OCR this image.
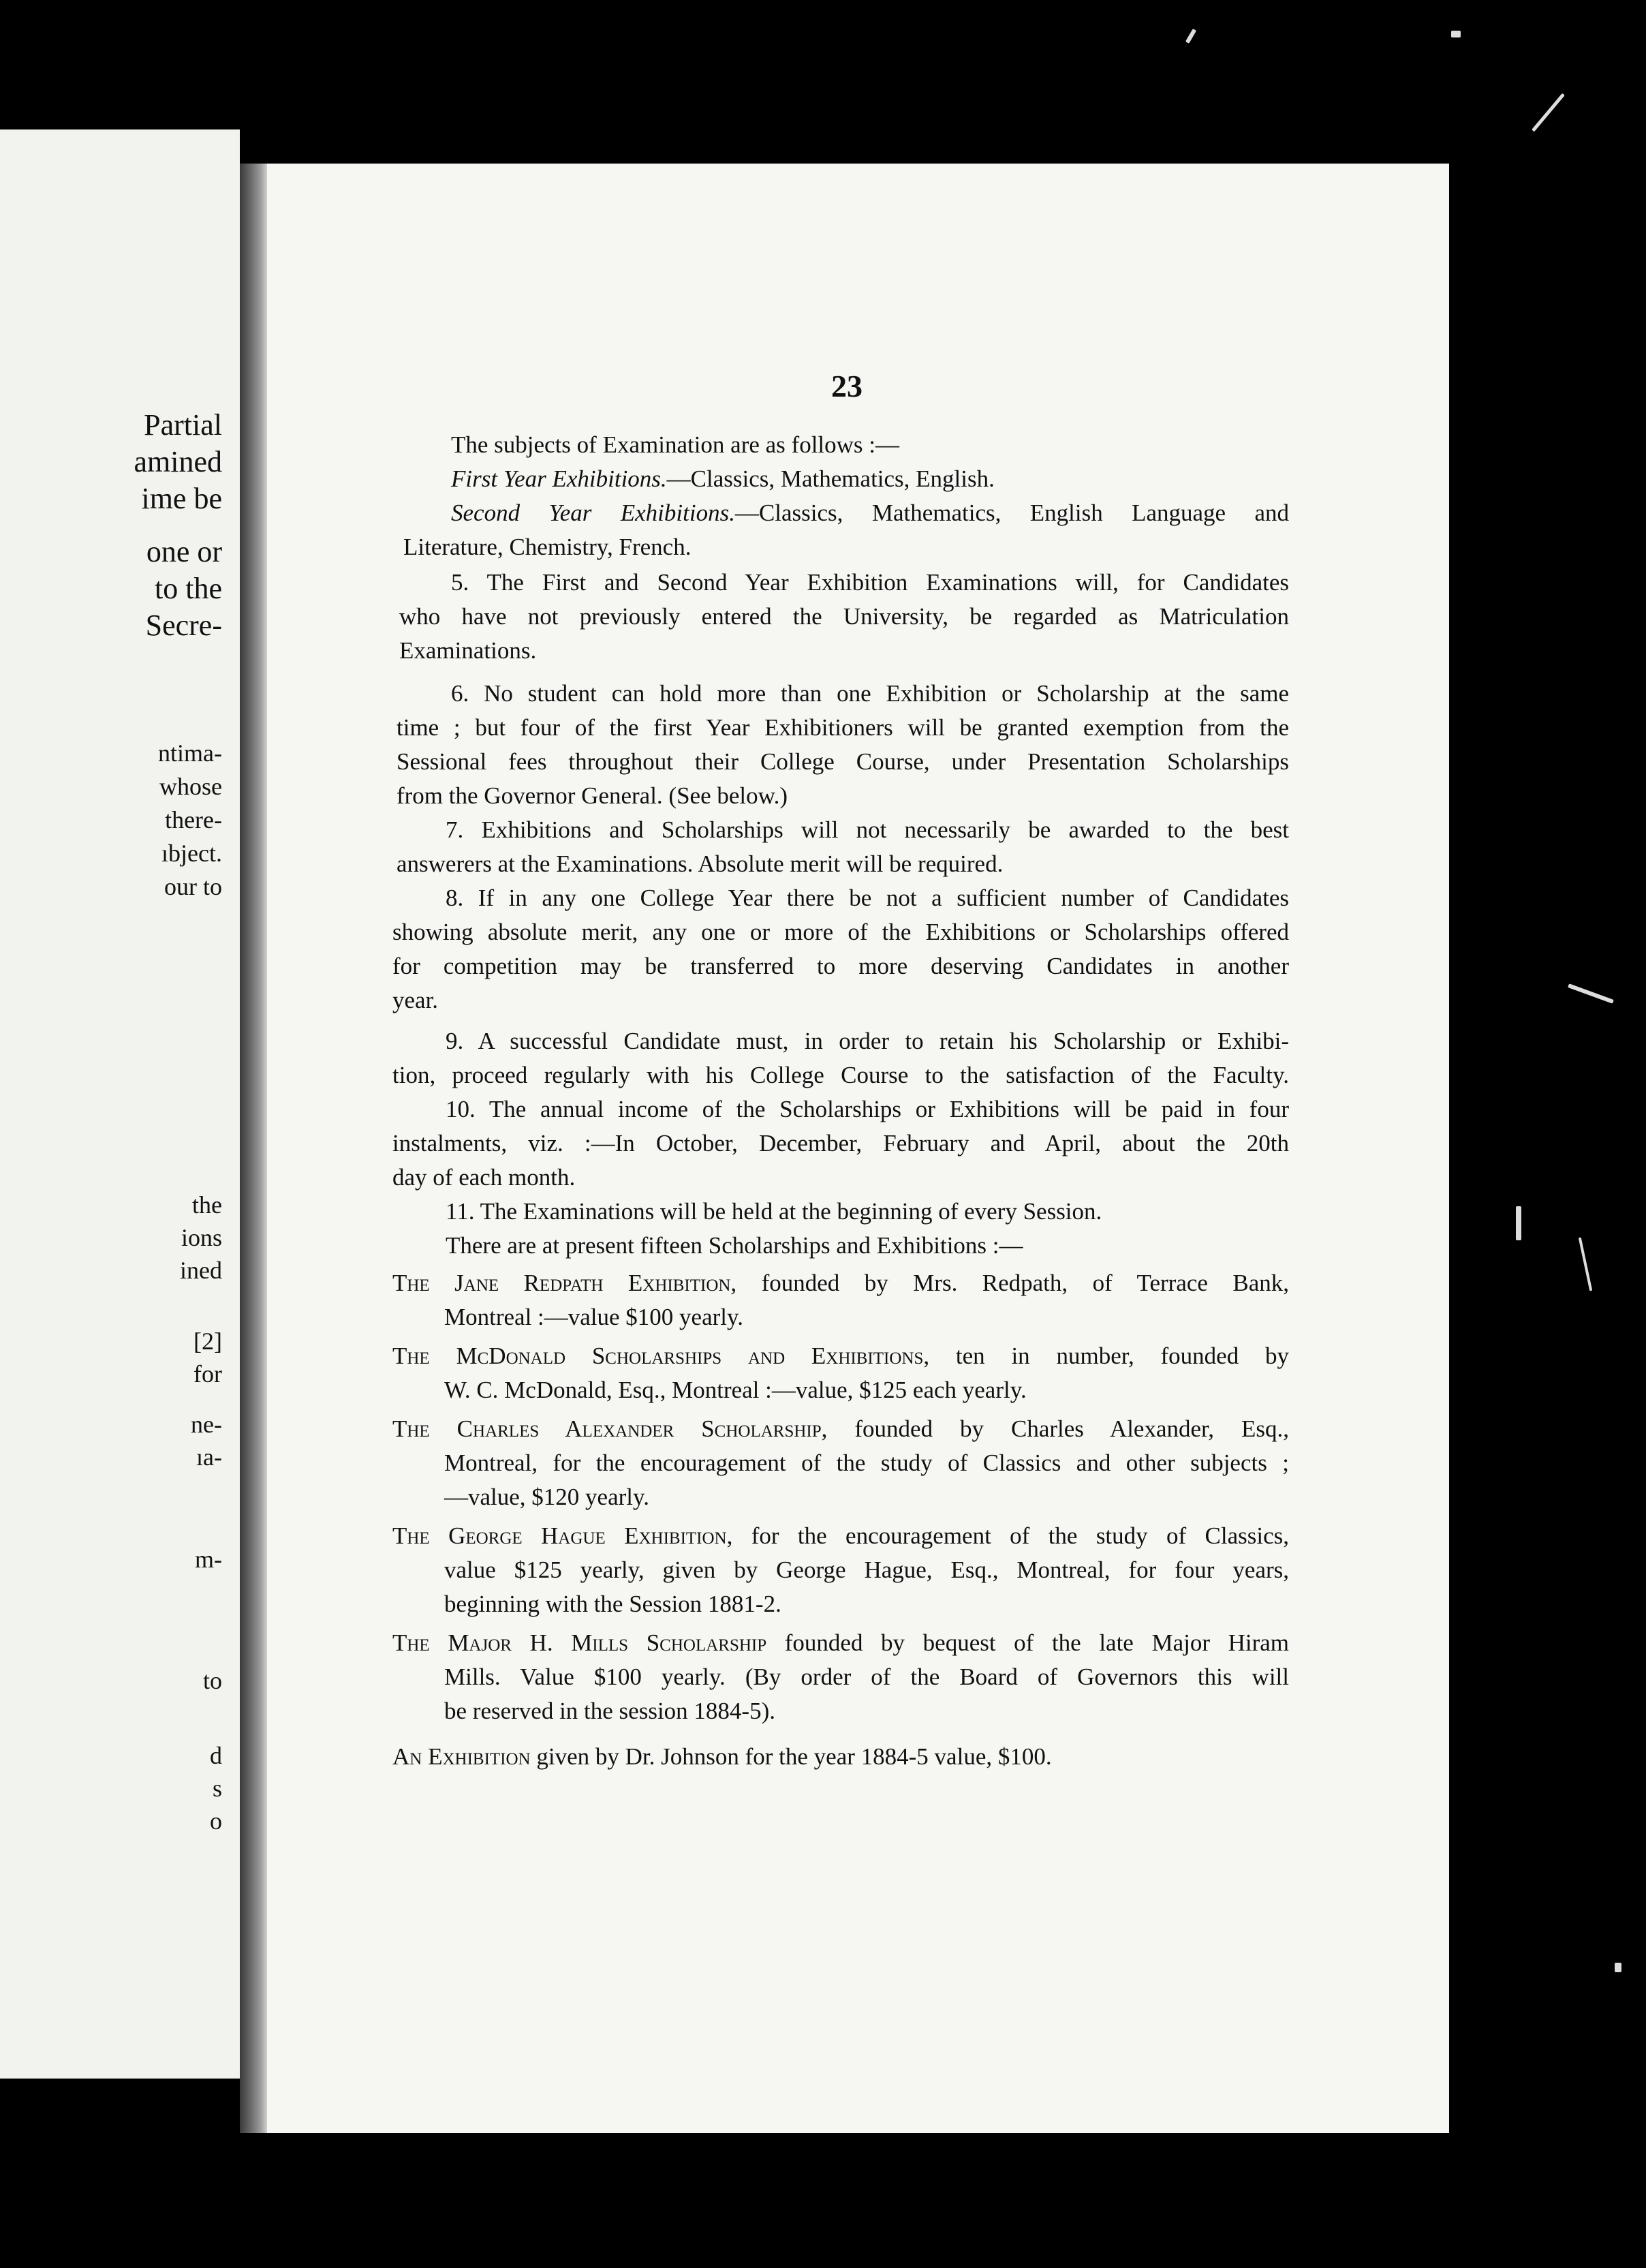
Partial
amined
ime be
one or
to the
Secre-
ntima-
whose
there-
ıbject.
our to
the
ions
ined
[2]
for
ne-
ıa-
m-
to
d
s
o
23
The subjects of Examination are as follows :—
First Year Exhibitions.—Classics, Mathematics, English.
Second Year Exhibitions.—Classics, Mathematics, English Language and
Literature, Chemistry, French.
5. The First and Second Year Exhibition Examinations will, for Candidates
who have not previously entered the University, be regarded as Matriculation
Examinations.
6. No student can hold more than one Exhibition or Scholarship at the same
time ; but four of the first Year Exhibitioners will be granted exemption from the
Sessional fees throughout their College Course, under Presentation Scholarships
from the Governor General. (See below.)
7. Exhibitions and Scholarships will not necessarily be awarded to the best
answerers at the Examinations. Absolute merit will be required.
8. If in any one College Year there be not a sufficient number of Candidates
showing absolute merit, any one or more of the Exhibitions or Scholarships offered
for competition may be transferred to more deserving Candidates in another
year.
9. A successful Candidate must, in order to retain his Scholarship or Exhibi-
tion, proceed regularly with his College Course to the satisfaction of the Faculty.
10. The annual income of the Scholarships or Exhibitions will be paid in four
instalments, viz. :—In October, December, February and April, about the 20th
day of each month.
11. The Examinations will be held at the beginning of every Session.
There are at present fifteen Scholarships and Exhibitions :—
The Jane Redpath Exhibition, founded by Mrs. Redpath, of Terrace Bank,
Montreal :—value $100 yearly.
The McDonald Scholarships and Exhibitions, ten in number, founded by
W. C. McDonald, Esq., Montreal :—value, $125 each yearly.
The Charles Alexander Scholarship, founded by Charles Alexander, Esq.,
Montreal, for the encouragement of the study of Classics and other subjects ;
—value, $120 yearly.
The George Hague Exhibition, for the encouragement of the study of Classics,
value $125 yearly, given by George Hague, Esq., Montreal, for four years,
beginning with the Session 1881-2.
The Major H. Mills Scholarship founded by bequest of the late Major Hiram
Mills. Value $100 yearly. (By order of the Board of Governors this will
be reserved in the session 1884-5).
An Exhibition given by Dr. Johnson for the year 1884-5 value, $100.
